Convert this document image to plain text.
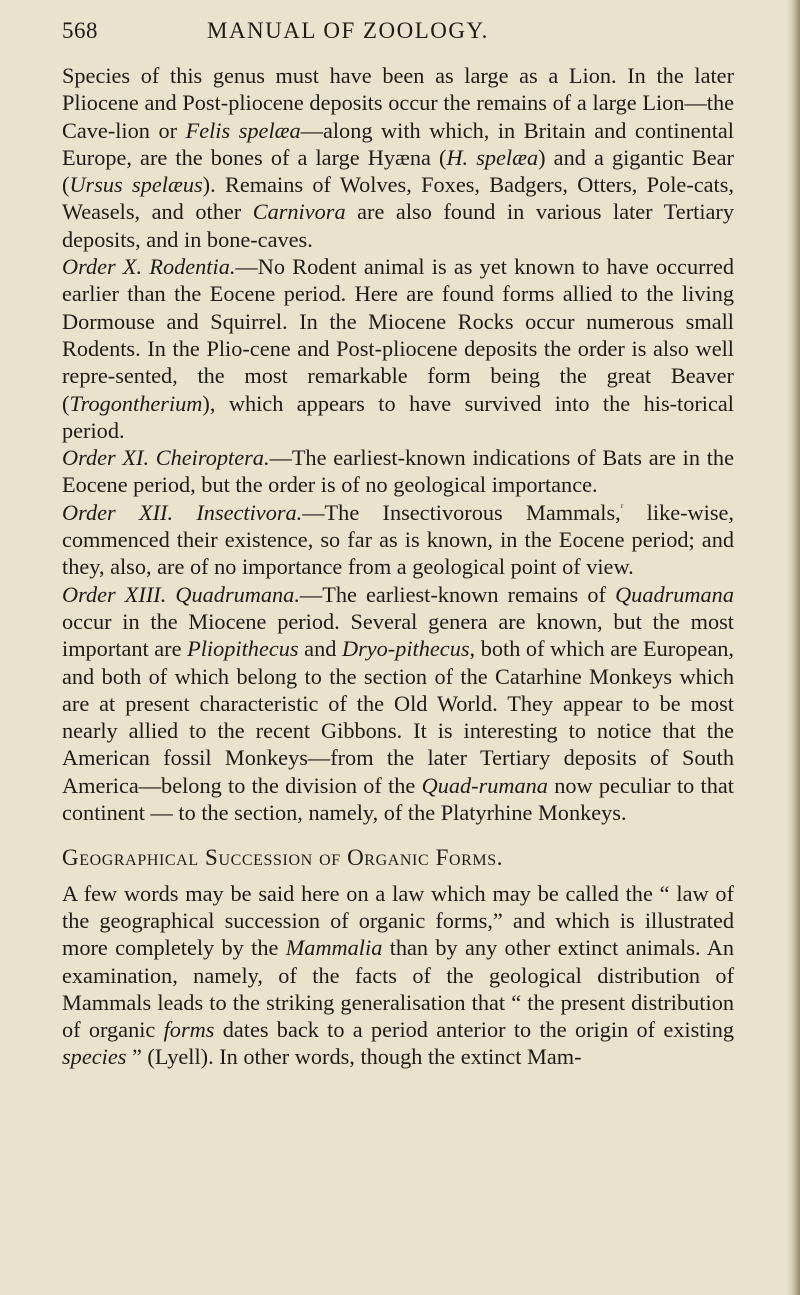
568	MANUAL OF ZOOLOGY.

Species of this genus must have been as large as a Lion. In the later Pliocene and Post-pliocene deposits occur the remains of a large Lion—the Cave-lion or Felis spelæa—along with which, in Britain and continental Europe, are the bones of a large Hyæna (H. spelæa) and a gigantic Bear (Ursus spelæus). Remains of Wolves, Foxes, Badgers, Otters, Pole-cats, Weasels, and other Carnivora are also found in various later Tertiary deposits, and in bone-caves.

Order X. Rodentia.—No Rodent animal is as yet known to have occurred earlier than the Eocene period. Here are found forms allied to the living Dormouse and Squirrel. In the Miocene Rocks occur numerous small Rodents. In the Plio-cene and Post-pliocene deposits the order is also well repre-sented, the most remarkable form being the great Beaver (Trogontherium), which appears to have survived into the his-torical period.

Order XI. Cheiroptera.—The earliest-known indications of Bats are in the Eocene period, but the order is of no geological importance.

Order XII. Insectivora.—The Insectivorous Mammals,$^ʳ$ like-wise, commenced their existence, so far as is known, in the Eocene period; and they, also, are of no importance from a geological point of view.

Order XIII. Quadrumana.—The earliest-known remains of Quadrumana occur in the Miocene period. Several genera are known, but the most important are Pliopithecus and Dryo-pithecus, both of which are European, and both of which belong to the section of the Catarhine Monkeys which are at present characteristic of the Old World. They appear to be most nearly allied to the recent Gibbons. It is interesting to notice that the American fossil Monkeys—from the later Tertiary deposits of South America—belong to the division of the Quad-rumana now peculiar to that continent — to the section, namely, of the Platyrhine Monkeys.

Geographical Succession of Organic Forms.

A few words may be said here on a law which may be called the “ law of the geographical succession of organic forms,” and which is illustrated more completely by the Mammalia than by any other extinct animals. An examination, namely, of the facts of the geological distribution of Mammals leads to the striking generalisation that “ the present distribution of organic forms dates back to a period anterior to the origin of existing species ” (Lyell). In other words, though the extinct Mam-
